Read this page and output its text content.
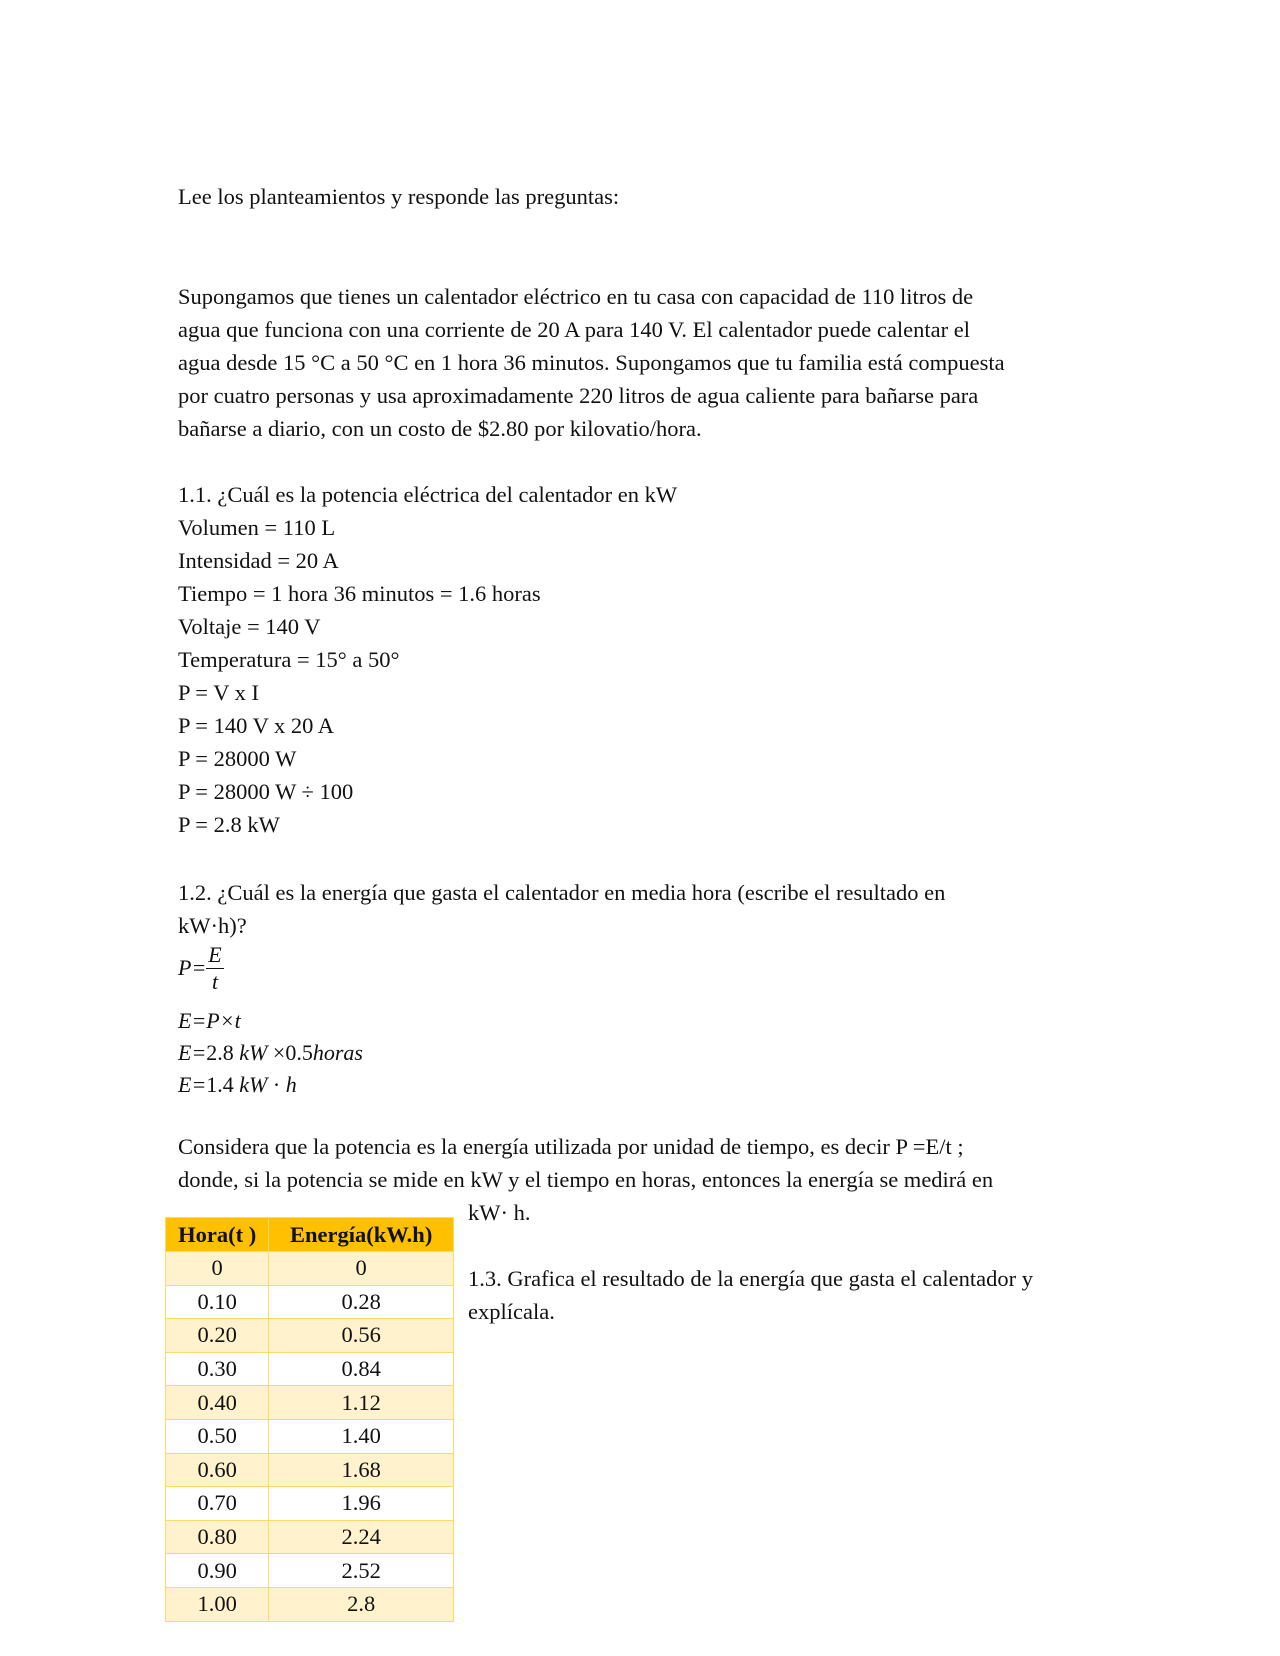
Lee los planteamientos y responde las preguntas:

Supongamos que tienes un calentador eléctrico en tu casa con capacidad de 110 litros de

agua que funciona con una corriente de 20 A para 140 V. El calentador puede calentar el

agua desde 15 °C a 50 °C en 1 hora 36 minutos. Supongamos que tu familia está compuesta

por cuatro personas y usa aproximadamente 220 litros de agua caliente para bañarse para

bañarse a diario, con un costo de $2.80 por kilovatio/hora.

1.1. ¿Cuál es la potencia eléctrica del calentador en kW

Volumen = 110 L

Intensidad = 20 A

Tiempo = 1 hora 36 minutos = 1.6 horas

Voltaje = 140 V

Temperatura = 15° a 50°

P = V x I

P = 140 V x 20 A

P = 28000 W

P = 28000 W ÷ 100

P = 2.8 kW

1.2. ¿Cuál es la energía que gasta el calentador en media hora (escribe el resultado en

kW·h)?

$P= \frac{E}{t}$
E=P×t
E=2.8 kW ×0.5horas
E=1.4 kW · h

Considera que la potencia es la energía utilizada por unidad de tiempo, es decir P =E/t ;

donde, si la potencia se mide en kW y el tiempo en horas, entonces la energía se medirá en

kW· h.
1.3. Grafica el resultado de la energía que gasta el calentador y
explícala.
Hora(t )	Energía(kW.h)
0	0
0.10	0.28
0.20	0.56
0.30	0.84
0.40	1.12
0.50	1.40
0.60	1.68
0.70	1.96
0.80	2.24
0.90	2.52
1.00	2.8
